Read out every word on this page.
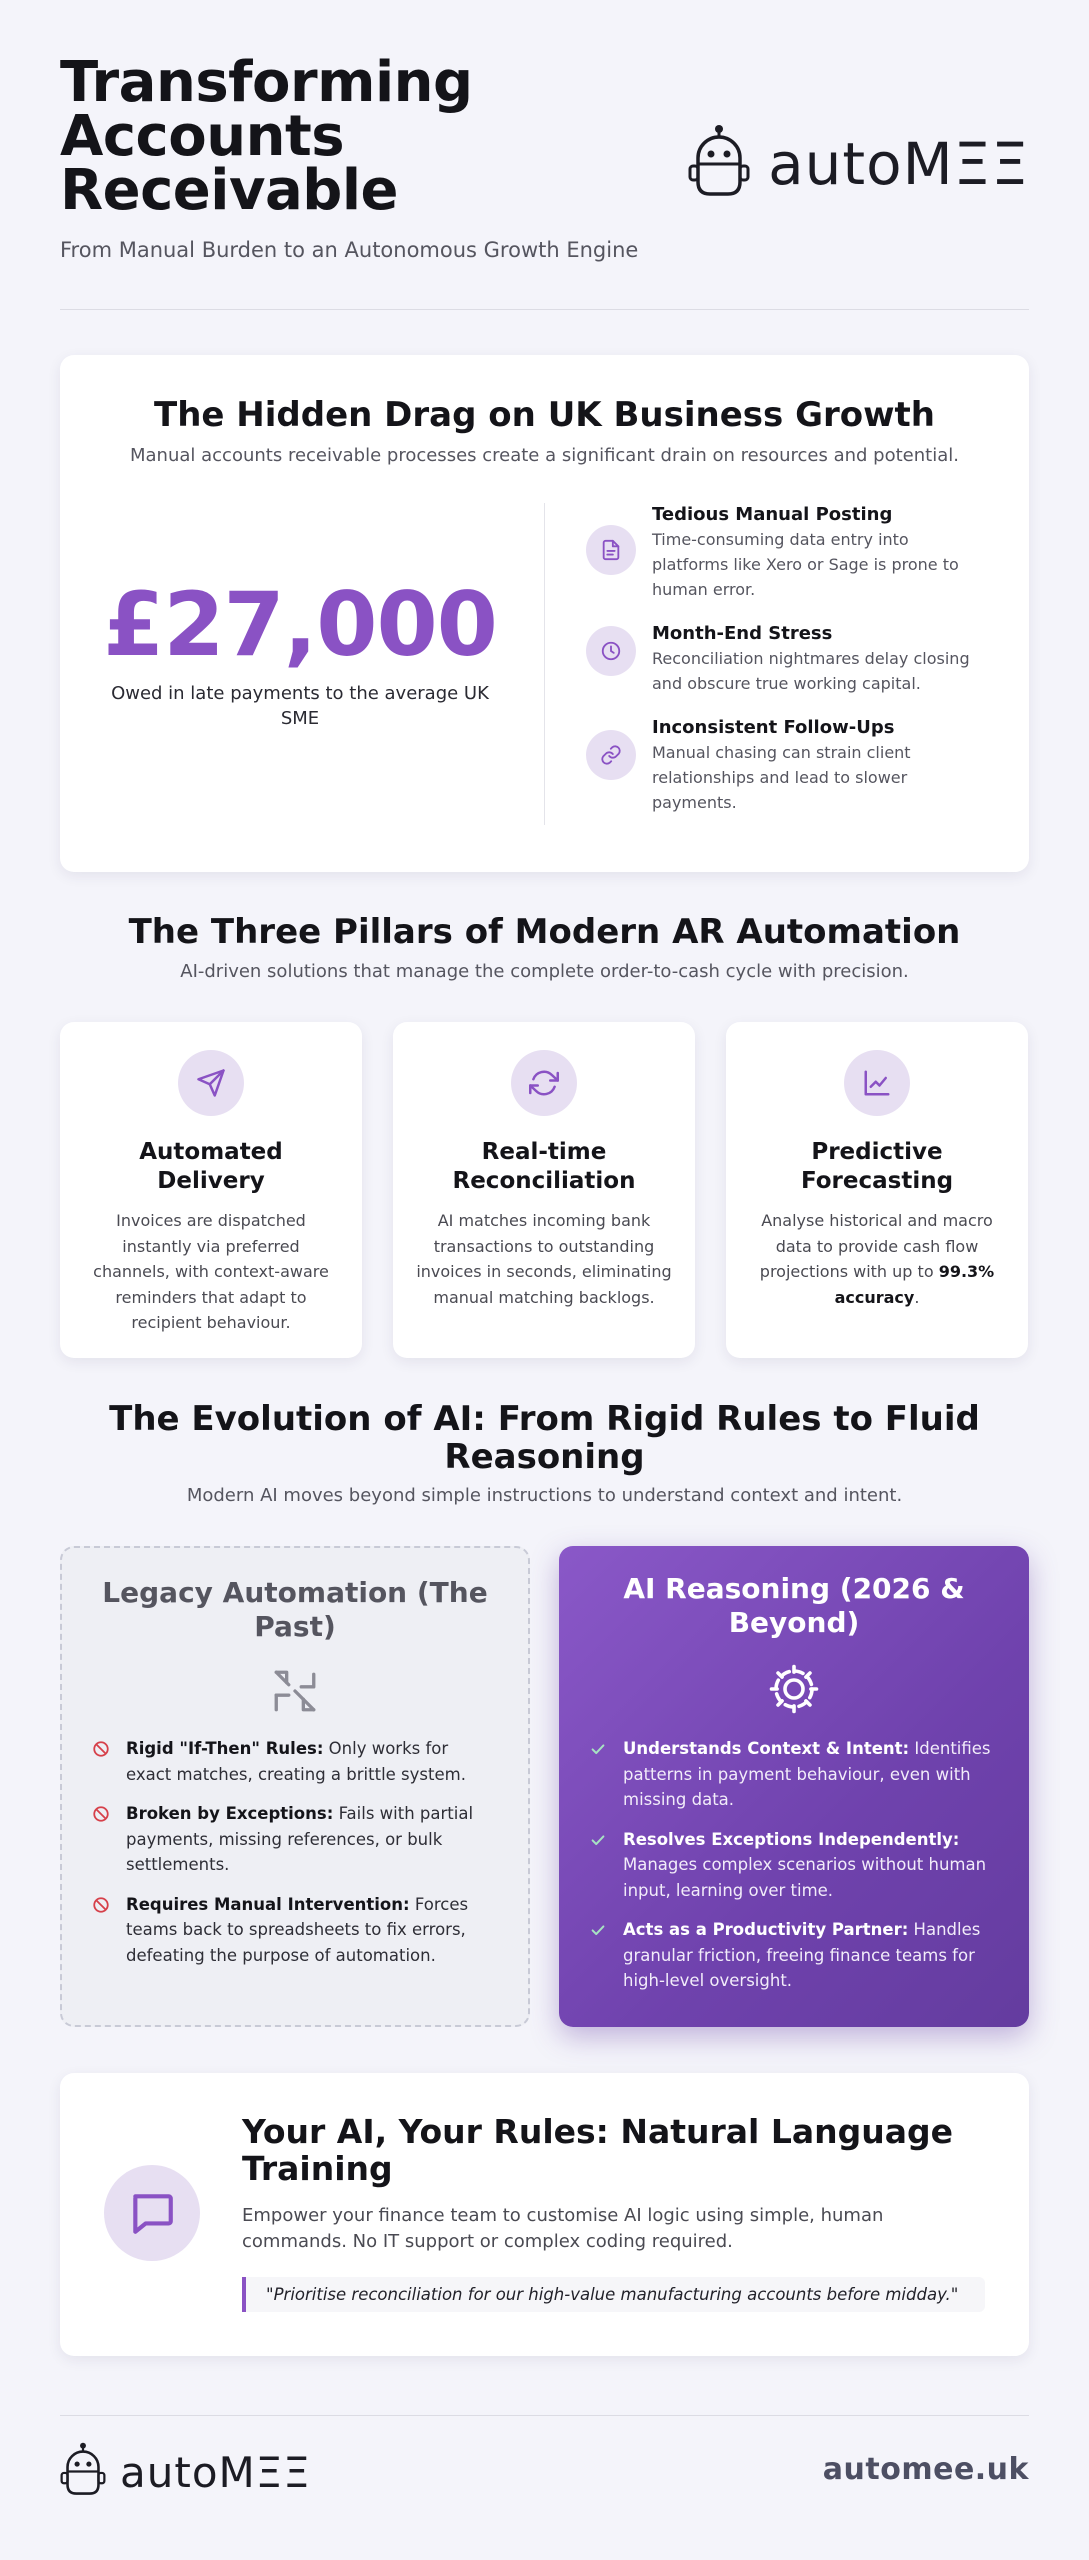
Transforming Accounts Receivable
From Manual Burden to an Autonomous Growth Engine
autoMΞΞ
The Hidden Drag on UK Business Growth

Manual accounts receivable processes create a significant drain on resources and potential.

£27,000
Owed in late payments to the average UK SME
Tedious Manual Posting
Time-consuming data entry into platforms like Xero or Sage is prone to human error.
Month-End Stress
Reconciliation nightmares delay closing and obscure true working capital.
Inconsistent Follow-Ups
Manual chasing can strain client relationships and lead to slower payments.
The Three Pillars of Modern AR Automation

AI-driven solutions that manage the complete order-to-cash cycle with precision.

Automated Delivery
Invoices are dispatched instantly via preferred channels, with context-aware reminders that adapt to recipient behaviour.
Real-time Reconciliation
AI matches incoming bank transactions to outstanding invoices in seconds, eliminating manual matching backlogs.
Predictive Forecasting
Analyse historical and macro data to provide cash flow projections with up to 99.3% accuracy.
The Evolution of AI: From Rigid Rules to Fluid Reasoning

Modern AI moves beyond simple instructions to understand context and intent.

Legacy Automation (The Past)
Rigid "If-Then" Rules: Only works for exact matches, creating a brittle system.
Broken by Exceptions: Fails with partial payments, missing references, or bulk settlements.
Requires Manual Intervention: Forces teams back to spreadsheets to fix errors, defeating the purpose of automation.
AI Reasoning (2026 & Beyond)
Understands Context & Intent: Identifies patterns in payment behaviour, even with missing data.
Resolves Exceptions Independently: Manages complex scenarios without human input, learning over time.
Acts as a Productivity Partner: Handles granular friction, freeing finance teams for high-level oversight.
Your AI, Your Rules: Natural Language Training
Empower your finance team to customise AI logic using simple, human commands. No IT support or complex coding required.
"Prioritise reconciliation for our high-value manufacturing accounts before midday."
autoMΞΞ	automee.uk
